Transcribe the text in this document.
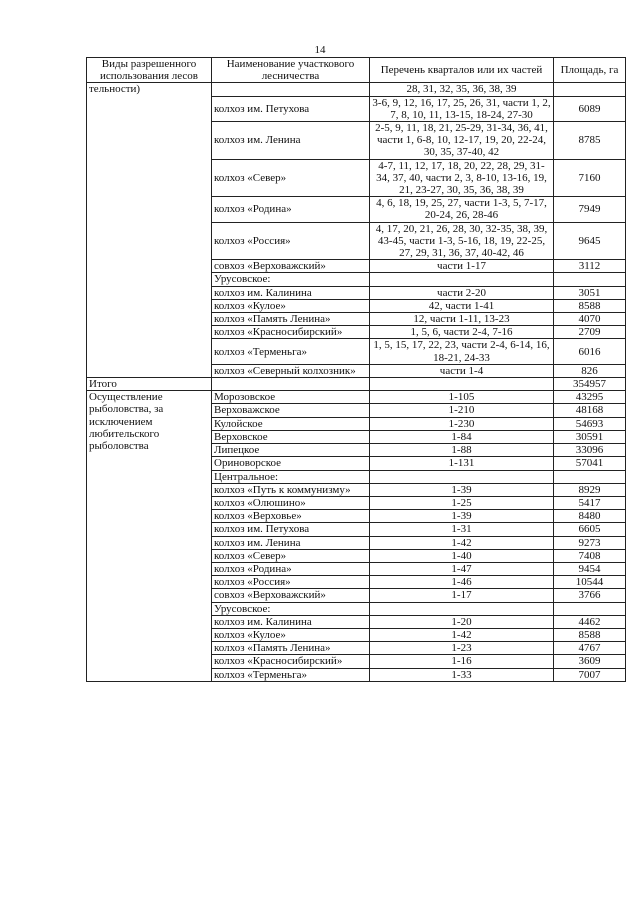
14
Виды разрешенного использования лесов	Наименование участкового лесничества	Перечень кварталов или их частей	Площадь, га
тельности)		28, 31, 32, 35, 36, 38, 39	
	колхоз им. Петухова	3-6, 9, 12, 16, 17, 25, 26, 31, части 1, 2, 7, 8, 10, 11, 13-15, 18-24, 27-30	6089
	колхоз им. Ленина	2-5, 9, 11, 18, 21, 25-29, 31-34, 36, 41, части 1, 6-8, 10, 12-17, 19, 20, 22-24, 30, 35, 37-40, 42	8785
	колхоз «Север»	4-7, 11, 12, 17, 18, 20, 22, 28, 29, 31-34, 37, 40, части 2, 3, 8-10, 13-16, 19, 21, 23-27, 30, 35, 36, 38, 39	7160
	колхоз «Родина»	4, 6, 18, 19, 25, 27, части 1-3, 5, 7-17, 20-24, 26, 28-46	7949
	колхоз «Россия»	4, 17, 20, 21, 26, 28, 30, 32-35, 38, 39, 43-45, части 1-3, 5-16, 18, 19, 22-25, 27, 29, 31, 36, 37, 40-42, 46	9645
	совхоз «Верховажский»	части 1-17	3112
	Урусовское:		
	колхоз им. Калинина	части 2-20	3051
	колхоз «Кулое»	42, части 1-41	8588
	колхоз «Память Ленина»	12, части 1-11, 13-23	4070
	колхоз «Красносибирский»	1, 5, 6, части 2-4, 7-16	2709
	колхоз «Терменьга»	1, 5, 15, 17, 22, 23, части 2-4, 6-14, 16, 18-21, 24-33	6016
	колхоз «Северный колхозник»	части 1-4	826
Итого			354957
Осуществление рыболовства, за исключением любительского рыболовства	Морозовское	1-105	43295
	Верховажское	1-210	48168
	Кулойское	1-230	54693
	Верховское	1-84	30591
	Липецкое	1-88	33096
	Ориноворское	1-131	57041
	Центральное:		
	колхоз «Путь к коммунизму»	1-39	8929
	колхоз «Олюшино»	1-25	5417
	колхоз «Верховье»	1-39	8480
	колхоз им. Петухова	1-31	6605
	колхоз им. Ленина	1-42	9273
	колхоз «Север»	1-40	7408
	колхоз «Родина»	1-47	9454
	колхоз «Россия»	1-46	10544
	совхоз «Верховажский»	1-17	3766
	Урусовское:		
	колхоз им. Калинина	1-20	4462
	колхоз «Кулое»	1-42	8588
	колхоз «Память Ленина»	1-23	4767
	колхоз «Красносибирский»	1-16	3609
	колхоз «Терменьга»	1-33	7007
